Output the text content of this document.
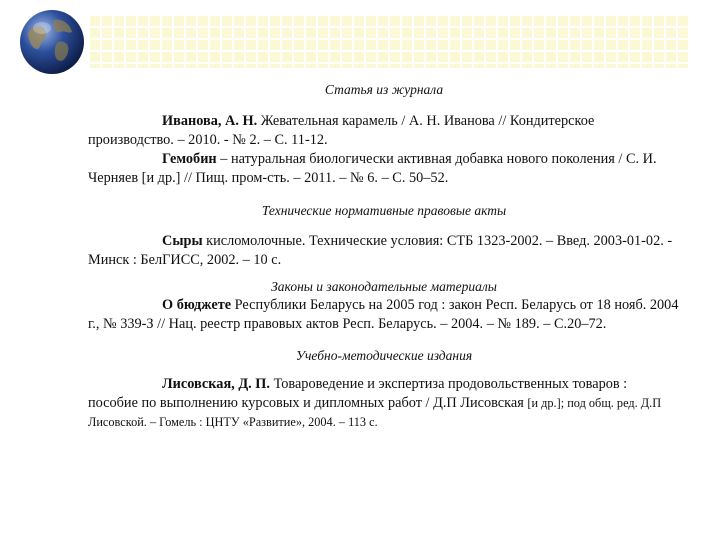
Статья из журнала

Иванова, А. Н. Жевательная карамель / А. Н. Иванова // Кондитерское производство. – 2010. - № 2. – С. 11-12.

Гемобин – натуральная биологически активная добавка нового поколения / С. И. Черняев [и др.] // Пищ. пром-сть. – 2011. – № 6. – С. 50–52.

Технические нормативные правовые акты

Сыры кисломолочные. Технические условия: СТБ 1323-2002. – Введ. 2003-01-02. - Минск : БелГИСС, 2002. – 10 с.

Законы и законодательные материалы

О бюджете Республики Беларусь на 2005 год : закон Респ. Беларусь от 18 нояб. 2004 г., № 339-З // Нац. реестр правовых актов Респ. Беларусь. – 2004. – № 189. – С.20–72.

Учебно-методические издания

Лисовская, Д. П. Товароведение и экспертиза продовольственных товаров : пособие по выполнению курсовых и дипломных работ / Д.П Лисовская [и др.]; под общ. ред. Д.П Лисовской. – Гомель : ЦНТУ «Развитие», 2004. – 113 с.
